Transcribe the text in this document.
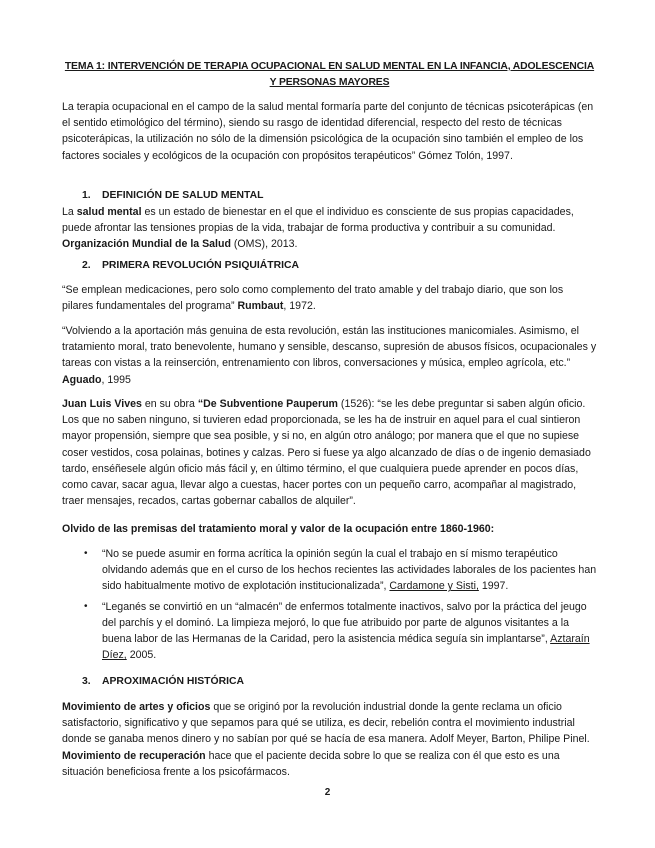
TEMA 1: INTERVENCIÓN DE TERAPIA OCUPACIONAL EN SALUD MENTAL EN LA INFANCIA, ADOLESCENCIA
Y PERSONAS MAYORES
La terapia ocupacional en el campo de la salud mental formaría parte del conjunto de técnicas psicoterápicas (en el sentido etimológico del término), siendo su rasgo de identidad diferencial, respecto del resto de técnicas psicoterápicas, la utilización no sólo de la dimensión psicológica de la ocupación sino también el empleo de los factores sociales y ecológicos de la ocupación con propósitos terapéuticos” Gómez Tolón, 1997.
1. DEFINICIÓN DE SALUD MENTAL
La salud mental es un estado de bienestar en el que el individuo es consciente de sus propias capacidades, puede afrontar las tensiones propias de la vida, trabajar de forma productiva y contribuir a su comunidad. Organización Mundial de la Salud (OMS), 2013.
2. PRIMERA REVOLUCIÓN PSIQUIÁTRICA
“Se emplean medicaciones, pero solo como complemento del trato amable y del trabajo diario, que son los pilares fundamentales del programa” Rumbaut, 1972.
“Volviendo a la aportación más genuina de esta revolución, están las instituciones manicomiales. Asimismo, el tratamiento moral, trato benevolente, humano y sensible, descanso, supresión de abusos físicos, ocupacionales y tareas con vistas a la reinserción, entrenamiento con libros, conversaciones y música, empleo agrícola, etc.” Aguado, 1995
Juan Luis Vives en su obra “De Subventione Pauperum (1526): “se les debe preguntar si saben algún oficio. Los que no saben ninguno, si tuvieren edad proporcionada, se les ha de instruir en aquel para el cual sintieron mayor propensión, siempre que sea posible, y si no, en algún otro análogo; por manera que el que no supiese coser vestidos, cosa polainas, botines y calzas. Pero si fuese ya algo alcanzado de días o de ingenio demasiado tardo, enséñesele algún oficio más fácil y, en último término, el que cualquiera puede aprender en pocos días, como cavar, sacar agua, llevar algo a cuestas, hacer portes con un pequeño carro, acompañar al magistrado, traer mensajes, recados, cartas gobernar caballos de alquiler”.
Olvido de las premisas del tratamiento moral y valor de la ocupación entre 1860-1960:
• “No se puede asumir en forma acrítica la opinión según la cual el trabajo en sí mismo terapéutico olvidando además que en el curso de los hechos recientes las actividades laborales de los pacientes han sido habitualmente motivo de explotación institucionalizada”, Cardamone y Sisti, 1997.
• “Leganés se convirtió en un “almacén” de enfermos totalmente inactivos, salvo por la práctica del jeugo del parchís y el dominó. La limpieza mejoró, lo que fue atribuido por parte de algunos visitantes a la buena labor de las Hermanas de la Caridad, pero la asistencia médica seguía sin implantarse”, Aztaraín Díez, 2005.
3. APROXIMACIÓN HISTÓRICA
Movimiento de artes y oficios que se originó por la revolución industrial donde la gente reclama un oficio satisfactorio, significativo y que sepamos para qué se utiliza, es decir, rebelión contra el movimiento industrial donde se ganaba menos dinero y no sabían por qué se hacía de esa manera. Adolf Meyer, Barton, Philipe Pinel. Movimiento de recuperación hace que el paciente decida sobre lo que se realiza con él que esto es una situación beneficiosa frente a los psicofármacos.
2
